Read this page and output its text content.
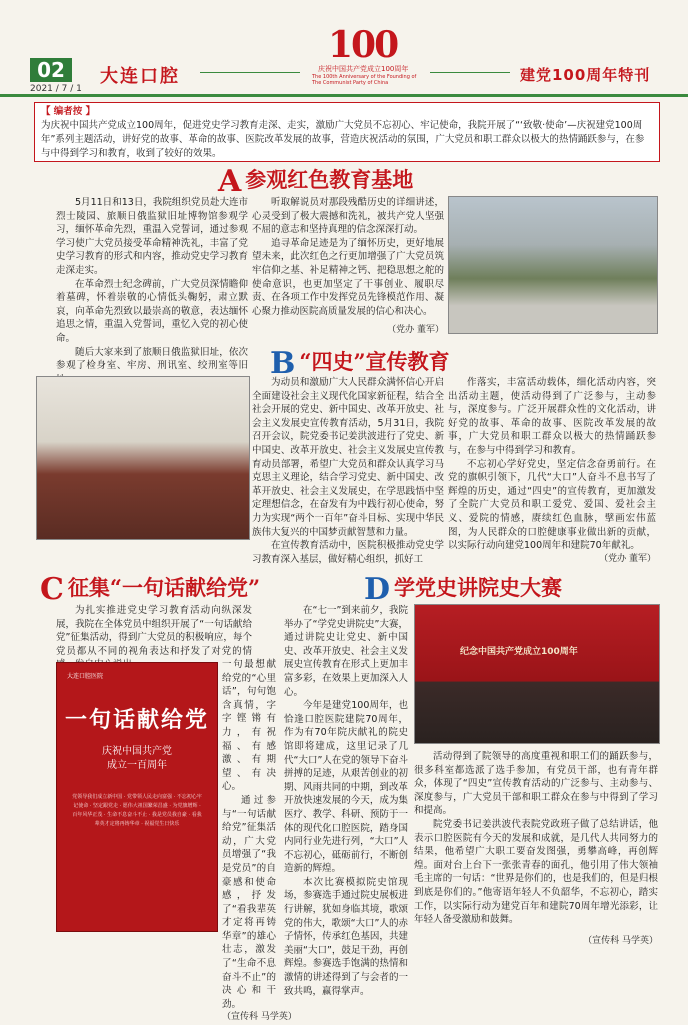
02
2021 / 7 / 1
大连口腔
100
庆祝中国共产党成立100周年
The 100th Anniversary of the Founding of The Communist Party of China	建党100周年特刊
【 编者按 】
为庆祝中国共产党成立100周年，促进党史学习教育走深、走实，激励广大党员不忘初心、牢记使命，我院开展了“‘致敬·使命’—庆祝建党100周年”系列主题活动，讲好党的故事、革命的故事、医院改革发展的故事，营造庆祝活动的氛围，广大党员和职工群众以极大的热情踊跃参与，在参与中得到学习和教育，收到了较好的效果。
A 参观红色教育基地

5月11日和13日，我院组织党员赴大连市烈士陵园、旅顺日俄监狱旧址博物馆参观学习，缅怀革命先烈，重温入党誓词，通过参观学习使广大党员接受革命精神洗礼，丰富了党史学习教育的形式和内容，推动党史学习教育走深走实。

在革命烈士纪念碑前，广大党员深情瞻仰着墓碑，怀着崇敬的心情低头鞠躬，肃立默哀，向革命先烈致以最崇高的敬意，表达缅怀追思之情，重温入党誓词，重忆入党的初心使命。

随后大家来到了旅顺日俄监狱旧址，依次参观了检身室、牢房、刑讯室、绞刑室等旧

听取解说员对那段残酷历史的详细讲述，心灵受到了极大震撼和洗礼，被共产党人坚强不屈的意志和坚持真理的信念深深打动。

追寻革命足迹是为了缅怀历史，更好地展望未来，此次红色之行更加增强了广大党员筑牢信仰之基、补足精神之钙、把稳思想之舵的使命意识，也更加坚定了干事创业、履职尽责、在各项工作中发挥党员先锋模范作用、凝心聚力推动医院高质量发展的信心和决心。

（党办 董军）
B “四史”宣传教育

为动员和激励广大人民群众满怀信心开启全面建设社会主义现代化国家新征程，结合全社会开展的党史、新中国史、改革开放史、社会主义发展史宣传教育活动，5月31日，我院召开会议，院党委书记姜洪波进行了党史、新中国史、改革开放史、社会主义发展史宣传教育动员部署，希望广大党员和群众认真学习马克思主义理论，结合学习党史、新中国史、改革开放史、社会主义发展史，在学思践悟中坚定理想信念，在奋发有为中践行初心使命，努力为实现“两个一百年”奋斗目标、实现中华民族伟大复兴的中国梦贡献智慧和力量。

在宣传教育活动中，医院积极推动党史学习教育深入基层，做好精心组织，抓好工

作落实，丰富活动载体，细化活动内容，突出活动主题，使活动得到了广泛参与，主动参与，深度参与。广泛开展群众性的文化活动，讲好党的故事、革命的故事、医院改革发展的故事，广大党员和职工群众以极大的热情踊跃参与，在参与中得到学习和教育。

不忘初心学好党史，坚定信念奋勇前行。在党的旗帜引领下，几代“大口”人奋斗不息书写了辉煌的历史，通过“四史”的宣传教育，更加激发了全院广大党员和职工爱党、爱国、爱社会主义、爱院的情感，赓续红色血脉，擘画宏伟蓝图，为人民群众的口腔健康事业做出新的贡献，以实际行动向建党100周年和建院70年献礼。

（党办 董军）
C 征集“一句话献给党”

为扎实推进党史学习教育活动向纵深发展，我院在全体党员中组织开展了“一句话献给党”征集活动，得到广大党员的积极响应，每个党员都从不同的视角表达和抒发了对党的情

大连口腔医院
一句话献给党
庆祝中国共产党
成立一百周年
党领导我们成立新中国 · 党带领人民走向富强 · 不忘初心牢记使命 · 坚定跟党走 · 愿伟大祖国繁荣昌盛 · 为党旗增辉 · 百年风华正茂 · 生命不息奋斗不止 · 我是党员我自豪 · 看我辈英才定将再铸华章 · 祝福党生日快乐

一句最想献给党的“心里话”，句句饱含真情，字字铿锵有力，有祝福、有感激、有期望、有决心。

通过参与“一句话献给党”征集活动，广大党员增强了“我是党员”的自豪感和使命感，抒发了“看我辈英才定将再铸华章”的雄心壮志，激发了“生命不息奋斗不止”的决心和干劲。

（宣传科 马学英）
D 学党史讲院史大赛

在“七一”到来前夕，我院举办了“学党史讲院史”大赛，通过讲院史让党史、新中国史、改革开放史、社会主义发展史宣传教育在形式上更加丰富多彩，在效果上更加深入人心。

今年是建党100周年，也恰逢口腔医院建院70周年，作为有70年院庆献礼的院史馆即将建成，这里记录了几代“大口”人在党的领导下奋斗拼搏的足迹，从艰苦创业的初期、风雨共同的中期，到改革开放快速发展的今天，成为集医疗、教学、科研、预防于一体的现代化口腔医院，踏身国内同行业先进行列，“大口”人不忘初心，砥砺前行，不断创造新的辉煌。

本次比赛模拟院史馆现场，参赛选手通过院史展板进行讲解，犹如身临其境，歌颂党的伟大，歌颂“大口”人的赤子情怀，传承红色基因，共建美丽“大口”，鼓足干劲，再创辉煌。参赛选手饱满的热情和激情的讲述得到了与会者的一致共鸣，赢得掌声。

纪念中国共产党成立100周年

活动得到了院领导的高度重视和职工们的踊跃参与，很多科室都选派了选手参加，有党员干部，也有青年群众，体现了“四史”宣传教育活动的广泛参与、主动参与、深度参与，广大党员干部和职工群众在参与中得到了学习和提高。

院党委书记姜洪波代表院党政班子做了总结讲话，他表示口腔医院有今天的发展和成就，是几代人共同努力的结果，他希望广大职工要奋发图强，勇攀高峰，再创辉煌。面对台上台下一张张青春的面孔，他引用了伟大领袖毛主席的一句话：“世界是你们的，也是我们的，但是归根到底是你们的。”他寄语年轻人不负韶华，不忘初心，踏实工作，以实际行动为建党百年和建院70周年增光添彩，让年轻人备受激励和鼓舞。

（宣传科 马学英）
